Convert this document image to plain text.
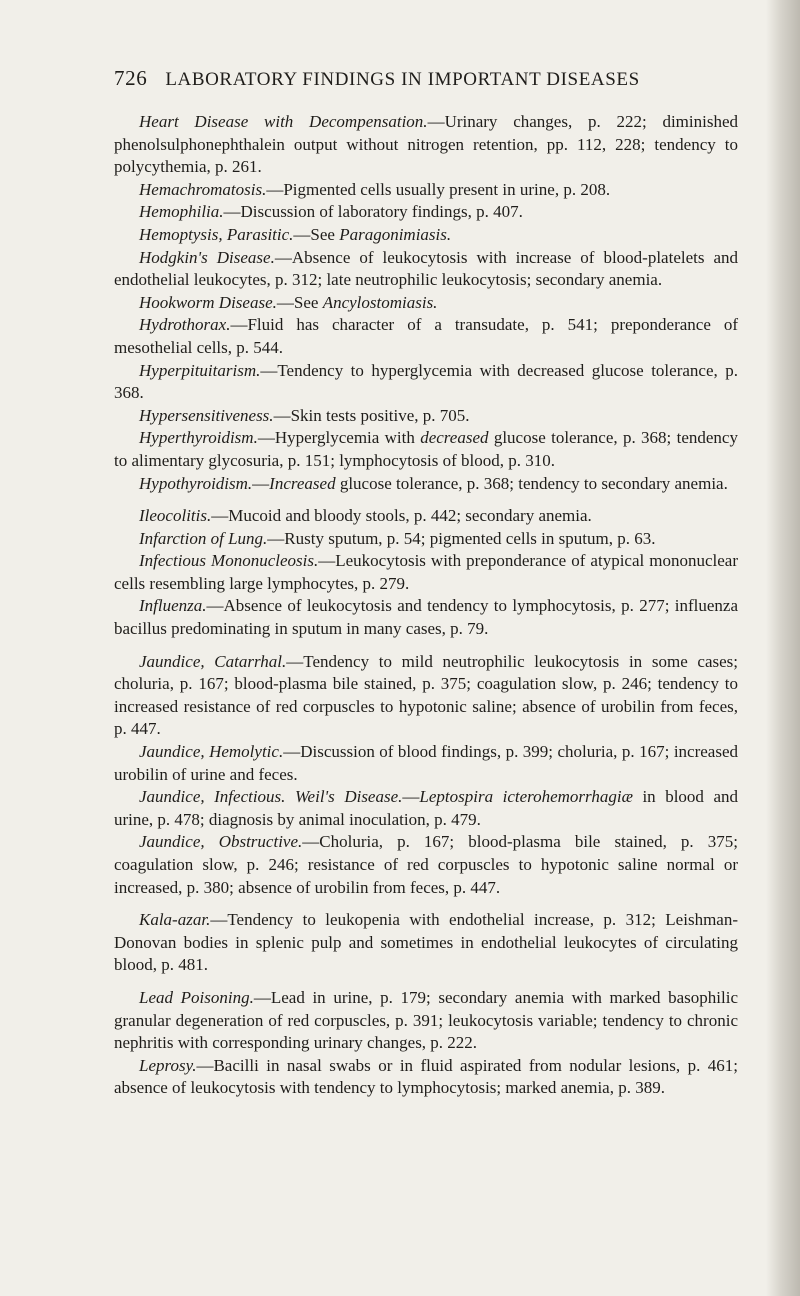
726 LABORATORY FINDINGS IN IMPORTANT DISEASES

Heart Disease with Decompensation.—Urinary changes, p. 222; diminished phenolsulphonephthalein output without nitrogen retention, pp. 112, 228; tendency to polycythemia, p. 261.

Hemachromatosis.—Pigmented cells usually present in urine, p. 208.

Hemophilia.—Discussion of laboratory findings, p. 407.

Hemoptysis, Parasitic.—See Paragonimiasis.

Hodgkin's Disease.—Absence of leukocytosis with increase of blood-platelets and endothelial leukocytes, p. 312; late neutrophilic leukocytosis; secondary anemia.

Hookworm Disease.—See Ancylostomiasis.

Hydrothorax.—Fluid has character of a transudate, p. 541; preponderance of mesothelial cells, p. 544.

Hyperpituitarism.—Tendency to hyperglycemia with decreased glucose tolerance, p. 368.

Hypersensitiveness.—Skin tests positive, p. 705.

Hyperthyroidism.—Hyperglycemia with decreased glucose tolerance, p. 368; tendency to alimentary glycosuria, p. 151; lymphocytosis of blood, p. 310.

Hypothyroidism.—Increased glucose tolerance, p. 368; tendency to secondary anemia.

Ileocolitis.—Mucoid and bloody stools, p. 442; secondary anemia.

Infarction of Lung.—Rusty sputum, p. 54; pigmented cells in sputum, p. 63.

Infectious Mononucleosis.—Leukocytosis with preponderance of atypical mononuclear cells resembling large lymphocytes, p. 279.

Influenza.—Absence of leukocytosis and tendency to lymphocytosis, p. 277; influenza bacillus predominating in sputum in many cases, p. 79.

Jaundice, Catarrhal.—Tendency to mild neutrophilic leukocytosis in some cases; choluria, p. 167; blood-plasma bile stained, p. 375; coagulation slow, p. 246; tendency to increased resistance of red corpuscles to hypotonic saline; absence of urobilin from feces, p. 447.

Jaundice, Hemolytic.—Discussion of blood findings, p. 399; choluria, p. 167; increased urobilin of urine and feces.

Jaundice, Infectious. Weil's Disease.—Leptospira icterohemorrhagiæ in blood and urine, p. 478; diagnosis by animal inoculation, p. 479.

Jaundice, Obstructive.—Choluria, p. 167; blood-plasma bile stained, p. 375; coagulation slow, p. 246; resistance of red corpuscles to hypotonic saline normal or increased, p. 380; absence of urobilin from feces, p. 447.

Kala-azar.—Tendency to leukopenia with endothelial increase, p. 312; Leishman-Donovan bodies in splenic pulp and sometimes in endothelial leukocytes of circulating blood, p. 481.

Lead Poisoning.—Lead in urine, p. 179; secondary anemia with marked basophilic granular degeneration of red corpuscles, p. 391; leukocytosis variable; tendency to chronic nephritis with corresponding urinary changes, p. 222.

Leprosy.—Bacilli in nasal swabs or in fluid aspirated from nodular lesions, p. 461; absence of leukocytosis with tendency to lymphocytosis; marked anemia, p. 389.
